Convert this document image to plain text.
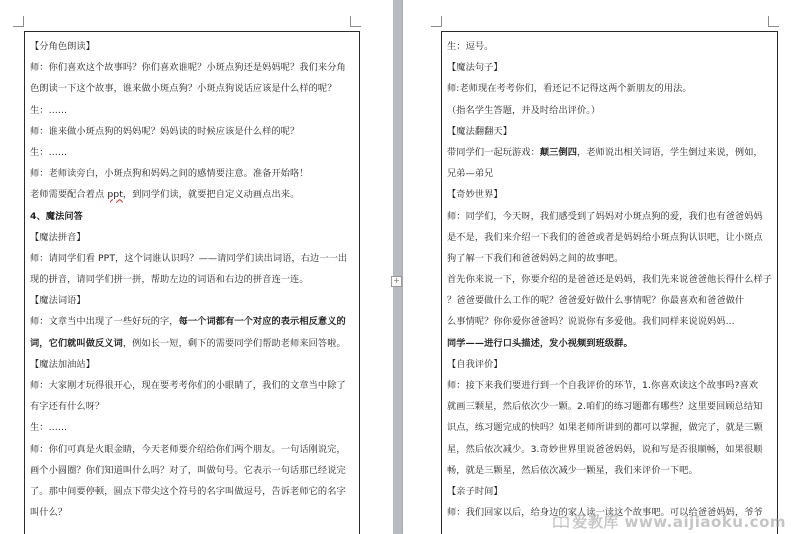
【分角色朗读】
师：你们喜欢这个故事吗？你们喜欢谁呢？小斑点狗还是妈妈呢？我们来分角
色朗读一下这个故事，谁来做小斑点狗？小斑点狗说话应该是什么样的呢？
生：……
师：谁来做小斑点狗的妈妈呢？妈妈读的时候应该是什么样的呢？
生：……
师：老师读旁白，小斑点狗和妈妈之间的感情要注意。准备开始咯！
老师需要配合着点 ppt，到同学们读，就要把自定义动画点出来。
4、魔法问答
【魔法拼音】
师：请同学们看 PPT，这个词谁认识吗？——请同学们读出词语，右边一一出
现的拼音，请同学们拼一拼，帮助左边的词语和右边的拼音连一连。
【魔法词语】
师：文章当中出现了一些好玩的字，每一个词都有一个对应的表示相反意义的
词，它们就叫做反义词，例如长一短，剩下的需要同学们帮助老师来回答啦。
【魔法加油站】
师：大家刚才玩得很开心，现在要考考你们的小眼睛了，我们的文章当中除了
有字还有什么呀？
生：……
师：你们可真是火眼金睛，今天老师要介绍给你们两个朋友。一句话刚说完，
画个小圆圈？你们知道叫什么吗？对了，叫做句号。它表示一句话那已经说完
了。那中间要停顿，圆点下带尖这个符号的名字叫做逗号，告诉老师它的名字
叫什么？
+
生：逗号。
【魔法句子】
师:老师现在考考你们，看还记不记得这两个新朋友的用法。
（指名学生答题，并及时给出评价。）
【魔法翻翻天】
带同学们一起玩游戏：颠三倒四，老师说出相关词语，学生倒过来说，例如，
兄弟—弟兄
【奇妙世界】
师：同学们，今天呀，我们感受到了妈妈对小斑点狗的爱，我们也有爸爸妈妈
是不是，我们来介绍一下我们的爸爸或者是妈妈给小斑点狗认识吧，让小斑点
狗了解一下我们和爸爸妈妈之间的故事吧。
首先你来说一下，你要介绍的是爸爸还是妈妈，我们先来说爸爸他长得什么样子
？爸爸要做什么工作的呢？爸爸爱好做什么事情呢？你最喜欢和爸爸做什
么事情呢？你你爱你爸爸吗？说说你有多爱他。我们同样来说说妈妈...
同学——进行口头描述，发小视频到班级群。
【自我评价】
师：接下来我们要进行到一个自我评价的环节，1.你喜欢读这个故事吗?喜欢
就画三颗星，然后依次少一颗。2.咱们的练习题都有哪些？这里要回顾总结知
识点，练习题完成的快吗？如果老师所讲到的都可以掌握，做完了，就是三颗
星，然后依次减少。3.奇妙世界里说爸爸妈妈，说和写是否很顺畅，如果很顺
畅，就是三颗星，然后依次减少一颗星，我们来评价一下吧。
【亲子时间】
师：我们回家以后，给身边的家人读一读这个故事吧。可以给爸爸妈妈，爷爷
爱教库 www.aijiaoku.com
